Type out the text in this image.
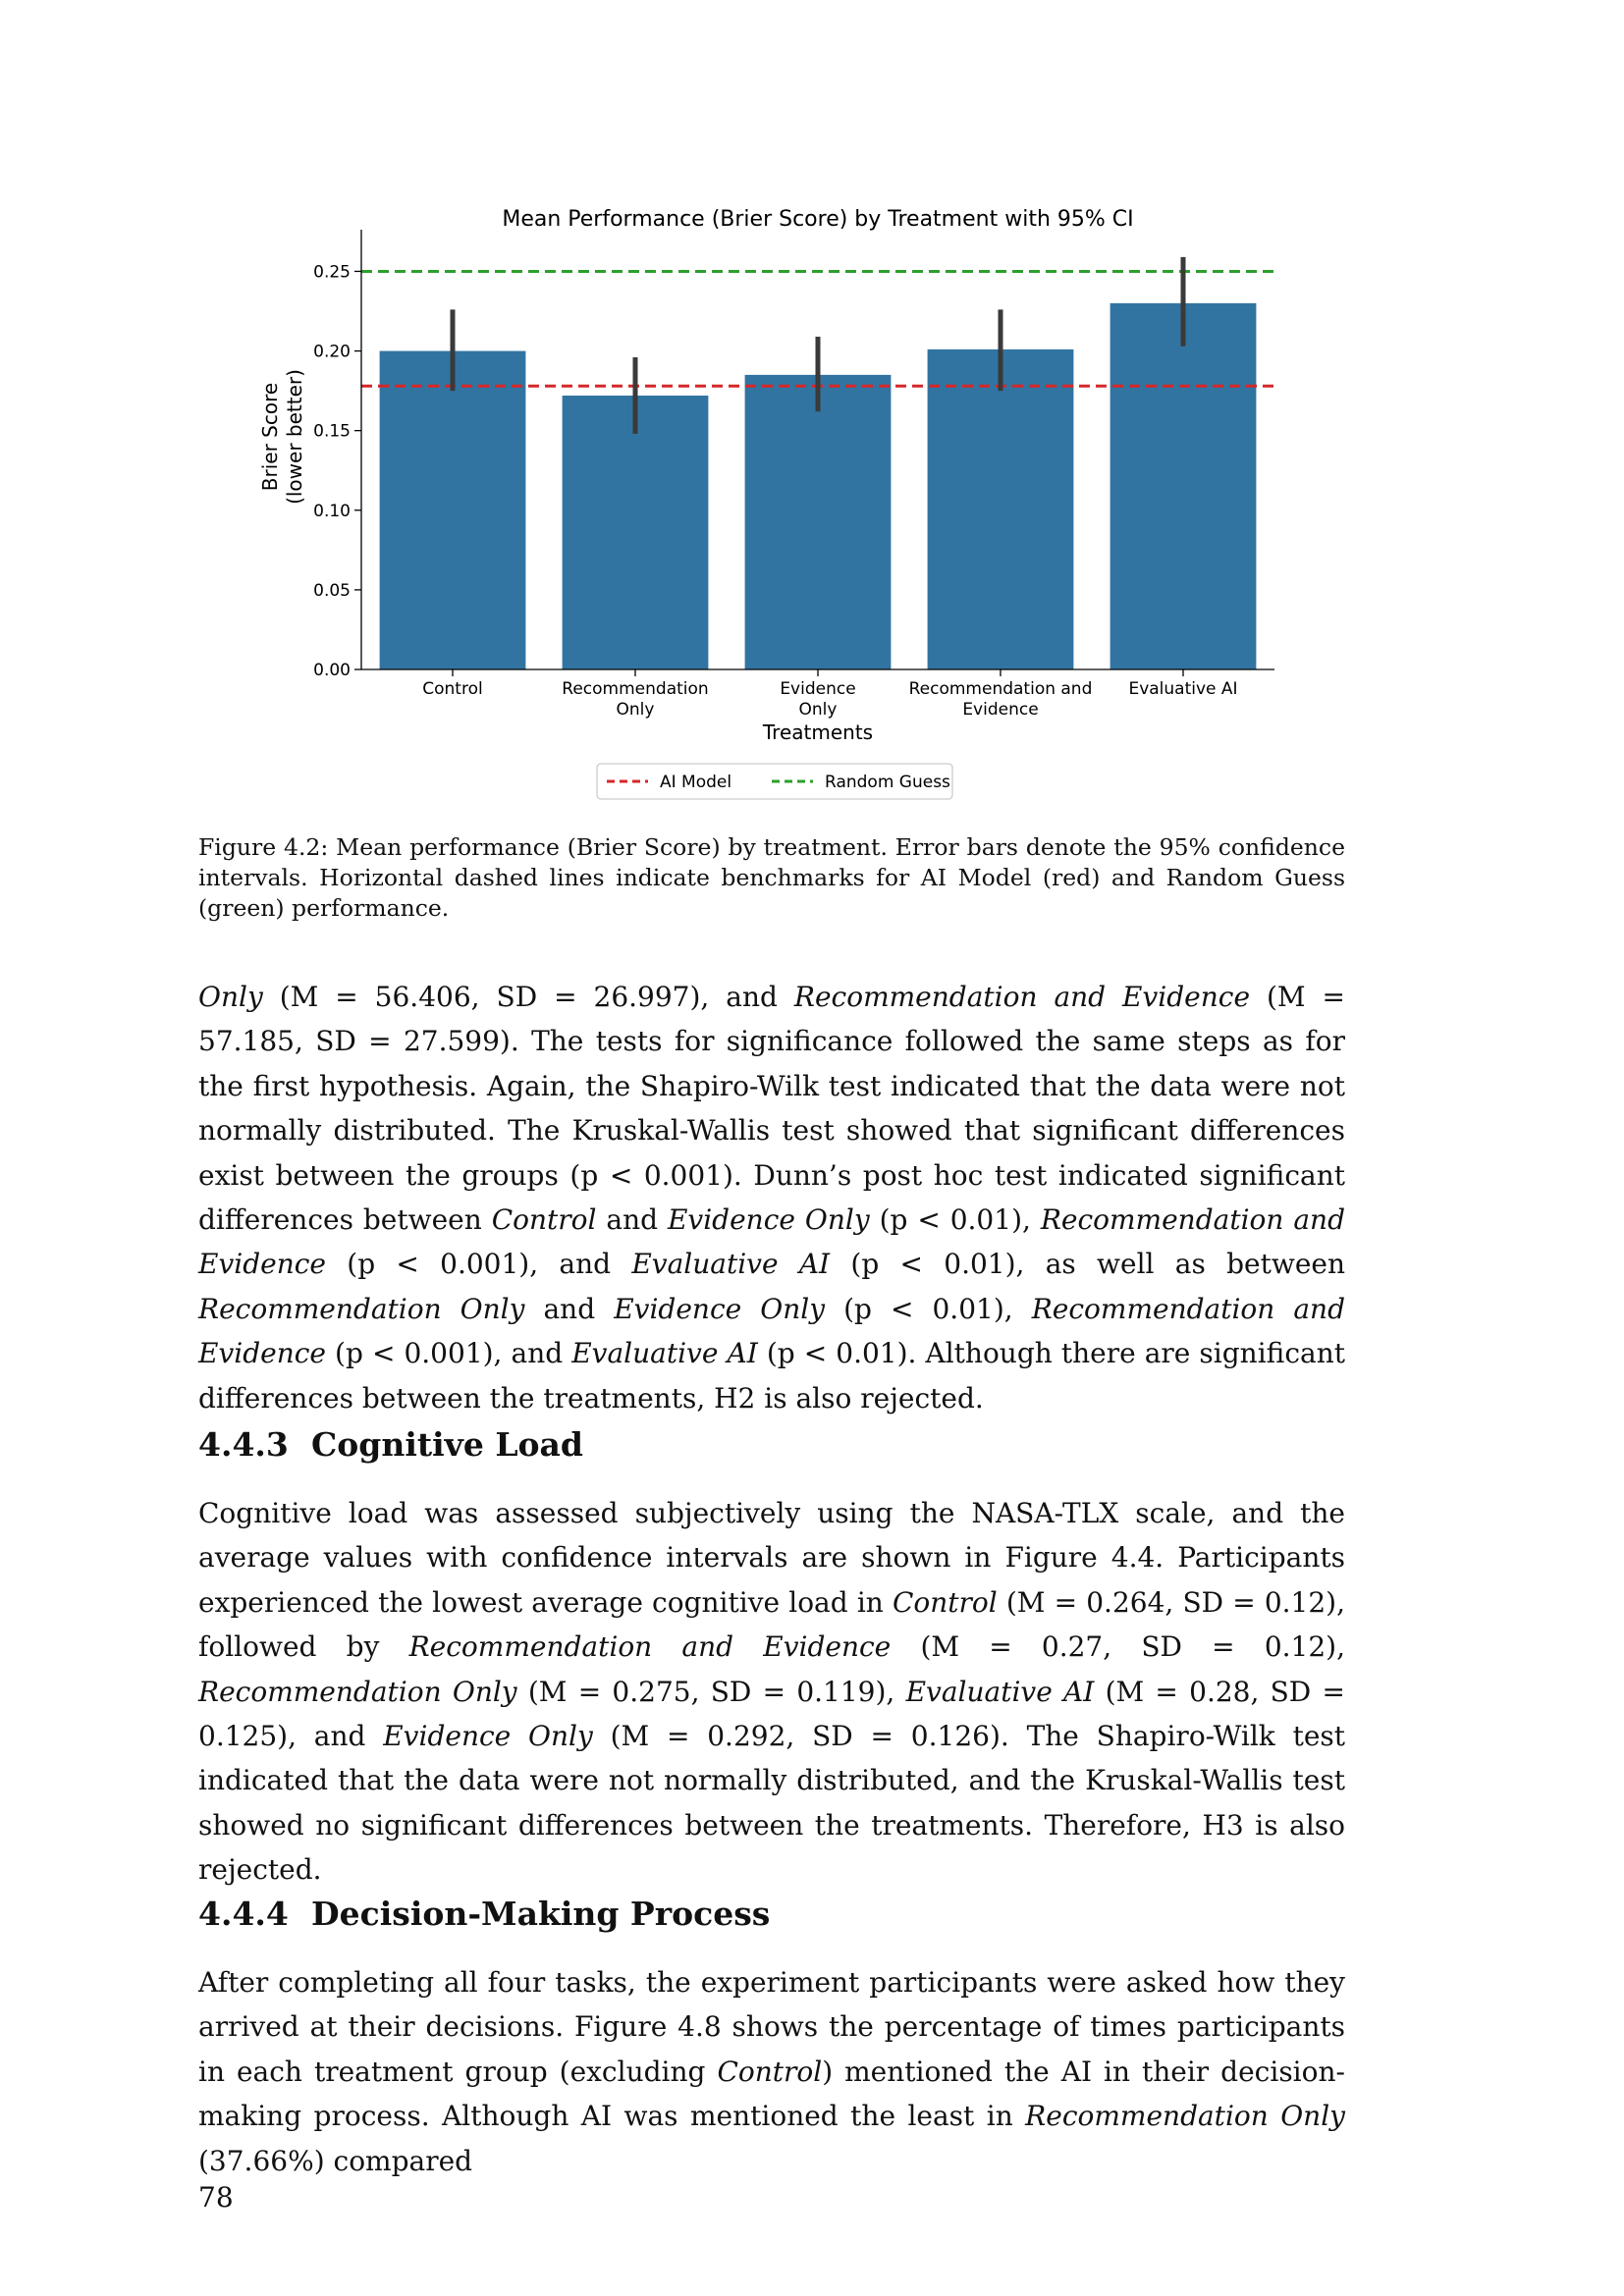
Mean Performance (Brier Score) by Treatment with 95% CI
0.00
0.05
0.10
0.15
0.20
0.25
Brier Score(lower better)
Control	Recommendation Only
Evidence Only
Recommendation and Evidence
Evaluative AI
Treatments
AI Model	Random Guess

Figure 4.2: Mean performance (Brier Score) by treatment. Error bars denote the 95% confidence intervals. Horizontal dashed lines indicate benchmarks for AI Model (red) and Random Guess (green) performance.

Only (M = 56.406, SD = 26.997), and Recommendation and Evidence (M = 57.185, SD = 27.599). The tests for significance followed the same steps as for the first hypothesis. Again, the Shapiro-Wilk test indicated that the data were not normally distributed. The Kruskal-Wallis test showed that significant differences exist between the groups (p < 0.001). Dunn’s post hoc test indicated significant differences between Control and Evidence Only (p < 0.01), Recommendation and Evidence (p < 0.001), and Evaluative AI (p < 0.01), as well as between Recommendation Only and Evidence Only (p < 0.01), Recommendation and Evidence (p < 0.001), and Evaluative AI (p < 0.01). Although there are significant differences between the treatments, H2 is also rejected.

4.4.3 Cognitive Load

Cognitive load was assessed subjectively using the NASA-TLX scale, and the average values with confidence intervals are shown in Figure 4.4. Participants experienced the lowest average cognitive load in Control (M = 0.264, SD = 0.12), followed by Recommendation and Evidence (M = 0.27, SD = 0.12), Recommendation Only (M = 0.275, SD = 0.119), Evaluative AI (M = 0.28, SD = 0.125), and Evidence Only (M = 0.292, SD = 0.126). The Shapiro-Wilk test indicated that the data were not normally distributed, and the Kruskal-Wallis test showed no significant differences between the treatments. Therefore, H3 is also rejected.

4.4.4 Decision-Making Process

After completing all four tasks, the experiment participants were asked how they arrived at their decisions. Figure 4.8 shows the percentage of times participants in each treatment group (excluding Control) mentioned the AI in their decision-making process. Although AI was mentioned the least in Recommendation Only (37.66%) compared

78
